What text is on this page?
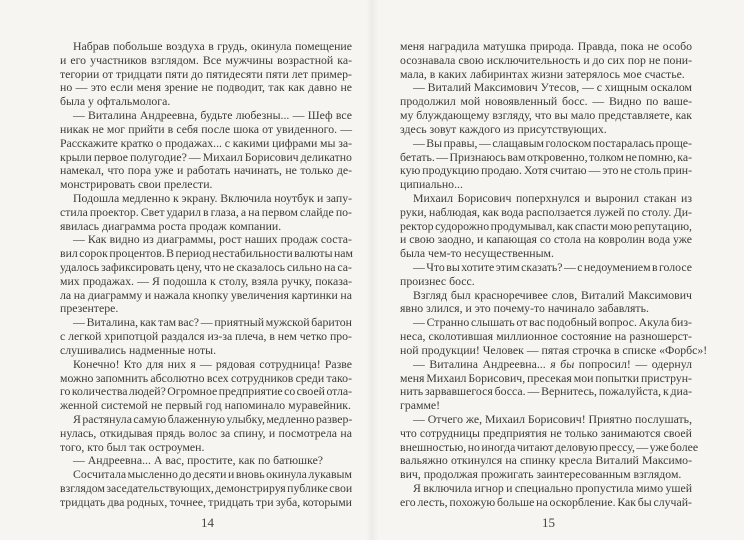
Набрав побольше воздуха в грудь, окинула помещение
и его участников взглядом. Все мужчины возрастной ка-
тегории от тридцати пяти до пятидесяти пяти лет пример-
но — это если меня зрение не подводит, так как давно не
была у офтальмолога.
— Виталина Андреевна, будьте любезны... — Шеф все
никак не мог прийти в себя после шока от увиденного. —
Расскажите кратко о продажах... с какими цифрами мы за-
крыли первое полугодие? — Михаил Борисович деликатно
намекал, что пора уже и работать начинать, не только де-
монстрировать свои прелести.
Подошла медленно к экрану. Включила ноутбук и запу-
стила проектор. Свет ударил в глаза, а на первом слайде по-
явилась диаграмма роста продаж компании.
— Как видно из диаграммы, рост наших продаж соста-
вил сорок процентов. В период нестабильности валюты нам
удалось зафиксировать цену, что не сказалось сильно на са-
мих продажах. — Я подошла к столу, взяла ручку, показа-
ла на диаграмму и нажала кнопку увеличения картинки на
презентере.
— Виталина, как там вас? — приятный мужской баритон
с легкой хрипотцой раздался из-за плеча, в нем четко про-
слушивались надменные ноты.
Конечно! Кто для них я — рядовая сотрудница! Разве
можно запомнить абсолютно всех сотрудников среди тако-
го количества людей? Огромное предприятие со своей отла-
женной системой не первый год напоминало муравейник.
Я растянула самую блаженную улыбку, медленно развер-
нулась, откидывая прядь волос за спину, и посмотрела на
того, кто был так остроумен.
— Андреевна... А вас, простите, как по батюшке?
Сосчитала мысленно до десяти и вновь окинула лукавым
взглядом заседательствующих, демонстрируя публике свои
тридцать два родных, точнее, тридцать три зуба, которыми
меня наградила матушка природа. Правда, пока не особо
осознавала свою исключительность и до сих пор не пони-
мала, в каких лабиринтах жизни затерялось мое счастье.
— Виталий Максимович Утесов, — с хищным оскалом
продолжил мой новоявленный босс. — Видно по ваше-
му блуждающему взгляду, что вы мало представляете, как
здесь зовут каждого из присутствующих.
— Вы правы, — слащавым голоском постаралась проще-
бетать. — Признаюсь вам откровенно, толком не помню, ка-
кую продукцию продаю. Хотя считаю — это не столь прин-
ципиально...
Михаил Борисович поперхнулся и выронил стакан из
руки, наблюдая, как вода расползается лужей по столу. Ди-
ректор судорожно продумывал, как спасти мою репутацию,
и свою заодно, и капающая со стола на ковролин вода уже
была чем-то несущественным.
— Что вы хотите этим сказать? — с недоумением в голосе
произнес босс.
Взгляд был красноречивее слов, Виталий Максимович
явно злился, и это почему-то начинало забавлять.
— Странно слышать от вас подобный вопрос. Акула биз-
неса, сколотившая миллионное состояние на разношерст-
ной продукции! Человек — пятая строчка в списке «Форбс»!
— Виталина Андреевна... я бы попросил! — одернул
меня Михаил Борисович, пресекая мои попытки приструн-
нить зарвавшегося босса. — Вернитесь, пожалуйста, к диа-
грамме!
— Отчего же, Михаил Борисович! Приятно послушать,
что сотрудницы предприятия не только занимаются своей
внешностью, но иногда читают деловую прессу, — уже более
вальяжно откинулся на спинку кресла Виталий Максимо-
вич, продолжая прожигать заинтересованным взглядом.
Я включила игнор и специально пропустила мимо ушей
его лесть, похожую больше на оскорбление. Как бы случай-
14	15
